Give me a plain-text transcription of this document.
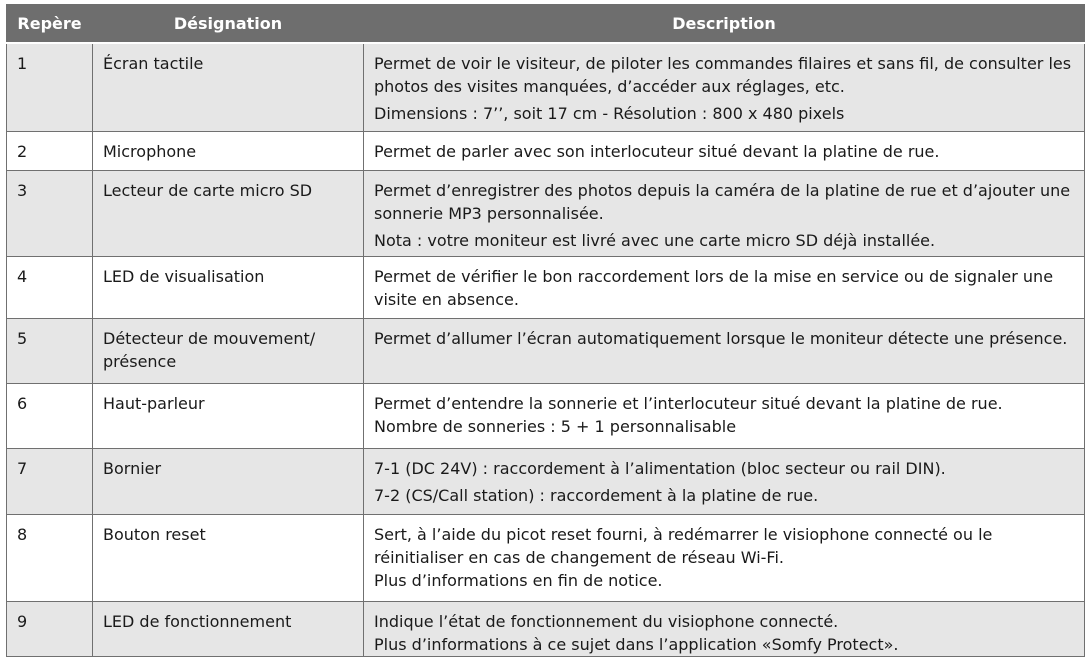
Repère	Désignation	Description
1	Écran tactile	Permet de voir le visiteur, de piloter les commandes filaires et sans fil, de consulter les photos des visites manquées, d’accéder aux réglages, etc.
Dimensions : 7’’, soit 17 cm - Résolution : 800 x 480 pixels

2	Microphone	Permet de parler avec son interlocuteur situé devant la platine de rue.

3	Lecteur de carte micro SD	Permet d’enregistrer des photos depuis la caméra de la platine de rue et d’ajouter une sonnerie MP3 personnalisée.
Nota : votre moniteur est livré avec une carte micro SD déjà installée.

4	LED de visualisation	Permet de vérifier le bon raccordement lors de la mise en service ou de signaler une visite en absence.

5	Détecteur de mouvement/ présence	Permet d’allumer l’écran automatiquement lorsque le moniteur détecte une présence.

6	Haut-parleur	Permet d’entendre la sonnerie et l’interlocuteur situé devant la platine de rue.
Nombre de sonneries : 5 + 1 personnalisable

7	Bornier	7-1 (DC 24V) : raccordement à l’alimentation (bloc secteur ou rail DIN).
7-2 (CS/Call station) : raccordement à la platine de rue.

8	Bouton reset	Sert, à l’aide du picot reset fourni, à redémarrer le visiophone connecté ou le réinitialiser en cas de changement de réseau Wi-Fi.
Plus d’informations en fin de notice.

9	LED de fonctionnement	Indique l’état de fonctionnement du visiophone connecté.
Plus d’informations à ce sujet dans l’application «Somfy Protect».
